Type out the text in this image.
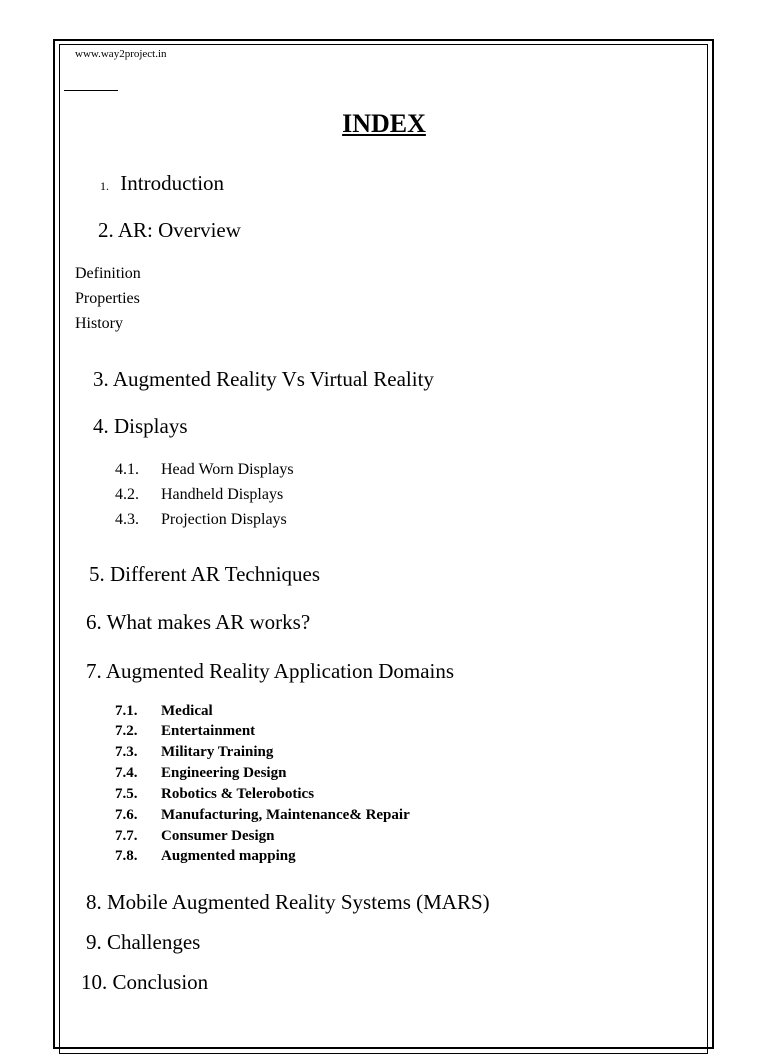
www.way2project.in
INDEX
1. Introduction
2. AR: Overview
Definition
Properties
History
3. Augmented Reality Vs Virtual Reality
4. Displays
4.1. Head Worn Displays
4.2. Handheld Displays
4.3. Projection Displays
5. Different AR Techniques
6. What makes AR works?
7. Augmented Reality Application Domains
7.1. Medical
7.2. Entertainment
7.3. Military Training
7.4. Engineering Design
7.5. Robotics & Telerobotics
7.6. Manufacturing, Maintenance& Repair
7.7. Consumer Design
7.8. Augmented mapping
8. Mobile Augmented Reality Systems (MARS)
9. Challenges
10. Conclusion
